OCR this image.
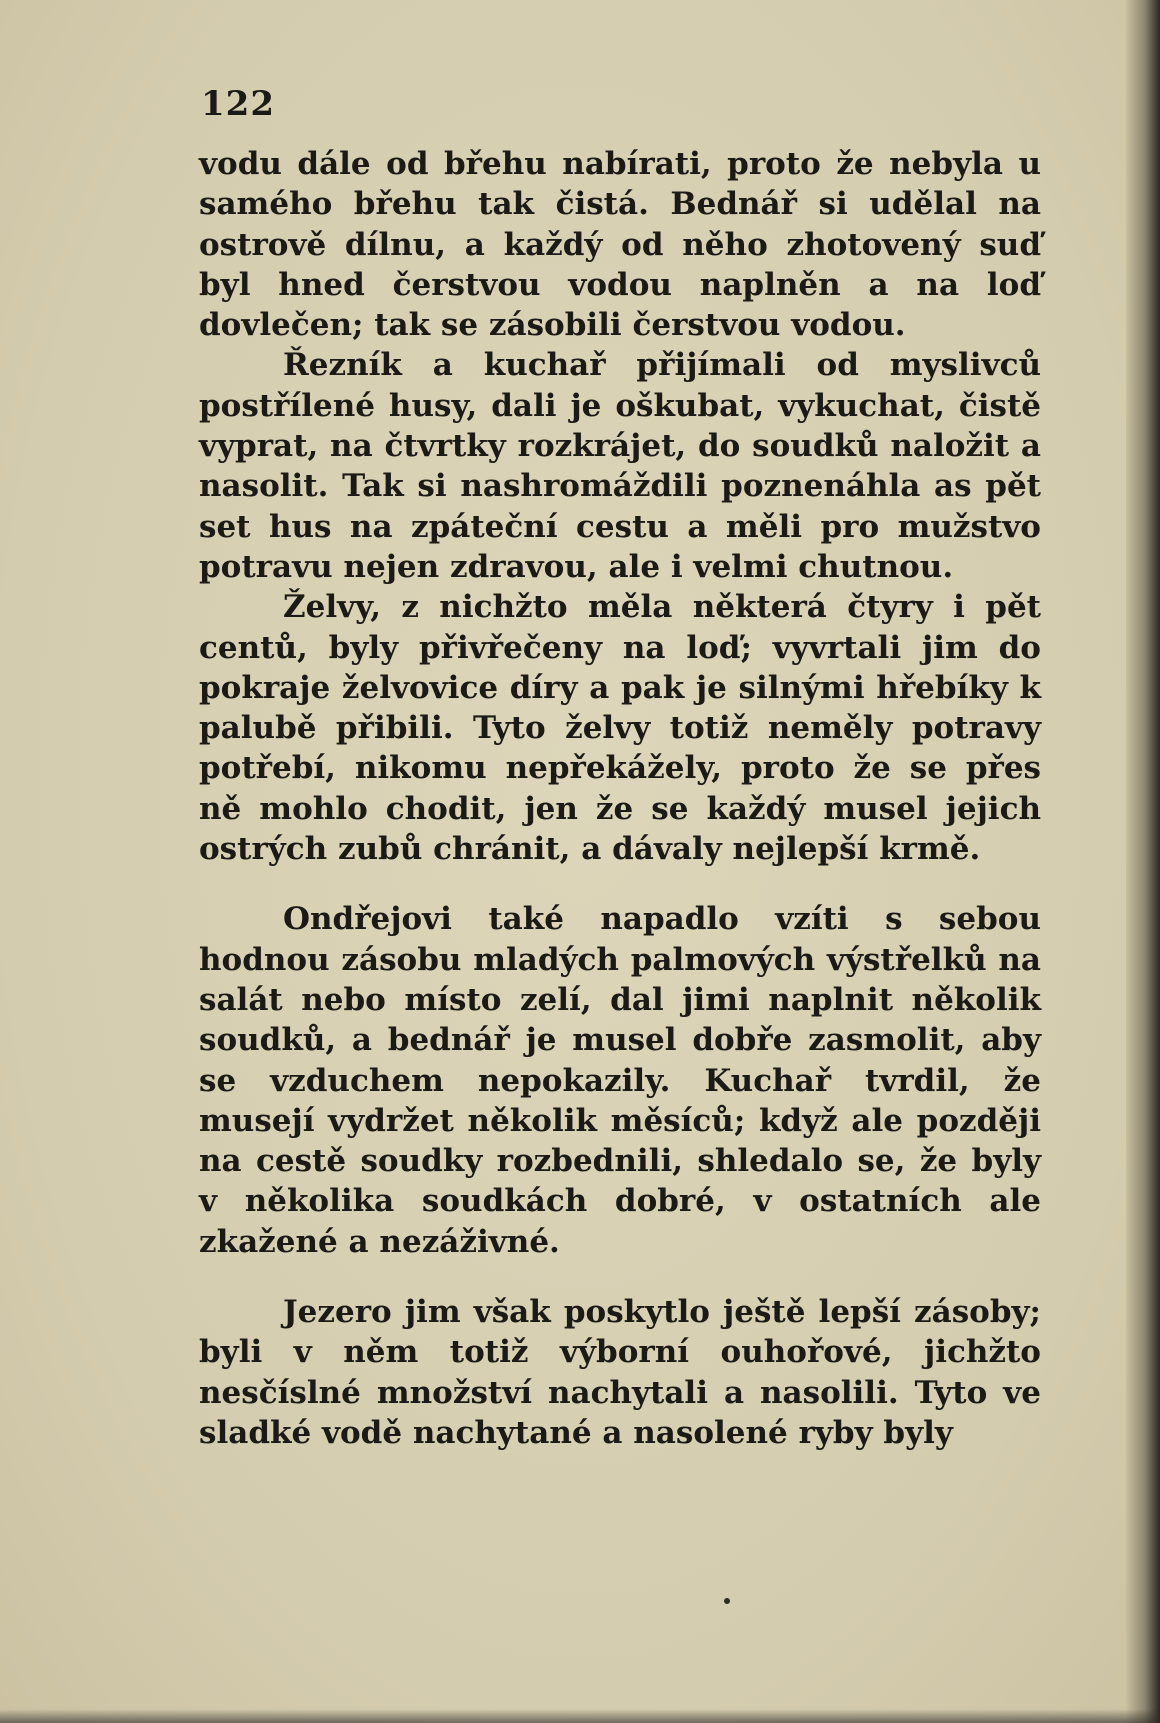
122

vodu dále od břehu nabírati, proto že nebyla u samého břehu tak čistá. Bednář si udělal na ostrově dílnu, a každý od něho zhotovený suď byl hned čerstvou vodou naplněn a na loď dovlečen; tak se zásobili čerstvou vodou.

Řezník a kuchař přijímali od myslivců postřílené husy, dali je oškubat, vykuchat, čistě vyprat, na čtvrtky rozkrájet, do soudků naložit a nasolit. Tak si nashromáždili poznenáhla as pět set hus na zpáteční cestu a měli pro mužstvo potravu nejen zdravou, ale i velmi chutnou.

Želvy, z nichžto měla některá čtyry i pět centů, byly přivřečeny na loď; vyvrtali jim do pokraje želvovice díry a pak je silnými hřebíky k palubě přibili. Tyto želvy totiž neměly potravy potřebí, nikomu nepřekážely, proto že se přes ně mohlo chodit, jen že se každý musel jejich ostrých zubů chránit, a dávaly nejlepší krmě.

Ondřejovi také napadlo vzíti s sebou hodnou zásobu mladých palmových výstřelků na salát nebo místo zelí, dal jimi naplnit několik soudků, a bednář je musel dobře zasmolit, aby se vzduchem nepokazily. Kuchař tvrdil, že musejí vydržet několik měsíců; když ale později na cestě soudky rozbednili, shledalo se, že byly v několika soudkách dobré, v ostatních ale zkažené a nezáživné.

Jezero jim však poskytlo ještě lepší zásoby; byli v něm totiž výborní ouhořové, jichžto nesčíslné množství nachytali a nasolili. Tyto ve sladké vodě nachytané a nasolené ryby byly
